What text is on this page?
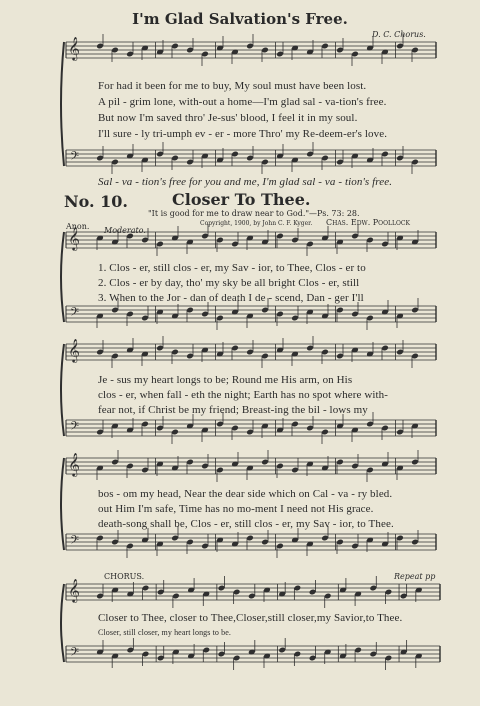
𝄞
𝄢
𝄞
𝄢
𝄞
𝄢
𝄞
𝄢
𝄞
𝄢
I'm Glad Salvation's Free.
D. C. Chorus.
For had it been for me to buy, My soul must have been lost.
A pil - grim lone, with-out a home—I'm glad sal - va-tion's free.
But now I'm saved thro' Je-sus' blood, I feel it in my soul.
I'll sure - ly tri-umph ev - er - more Thro' my Re-deem-er's love.
Sal - va - tion's free for you and me, I'm glad sal - va - tion's free.
No. 10.	Closer To Thee.
"It is good for me to draw near to God."—Ps. 73: 28.
Anon.	Copyright, 1900, by John C. F. Kyger. Chas. Edw. Poollock
Moderato.
1. Clos - er, still clos - er, my Sav - ior, to Thee, Clos - er to
2. Clos - er by day, tho' my sky be all bright Clos - er, still
3. When to the Jor - dan of death I de - scend, Dan - ger I'll
Je - sus my heart longs to be; Round me His arm, on His
clos - er, when fall - eth the night; Earth has no spot where with-
fear not, if Christ be my friend; Breast-ing the bil - lows my
bos - om my head, Near the dear side which on Cal - va - ry bled.
out Him I'm safe, Time has no mo-ment I need not His grace.
death-song shall be, Clos - er, still clos - er, my Sav - ior, to Thee.
CHORUS.	Repeat pp
Closer to Thee, closer to Thee,Closer,still closer,my Savior,to Thee.
Closer, still closer, my heart longs to be.
